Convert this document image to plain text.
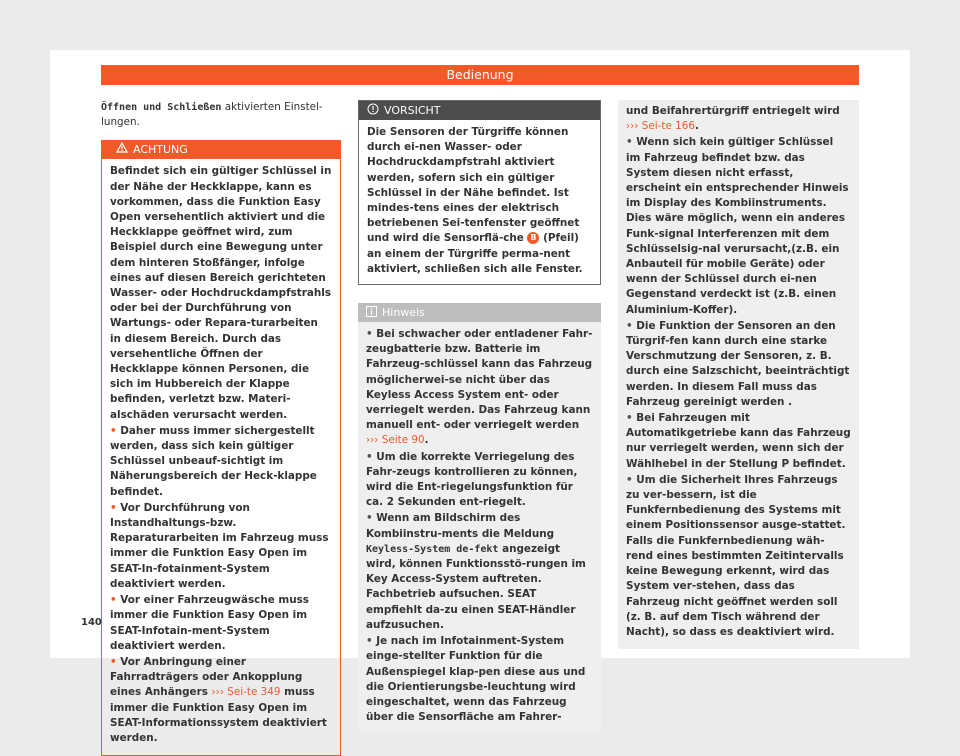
Bedienung

Öffnen und Schließen aktivierten Einstel-lungen.

ACHTUNG

Befindet sich ein gültiger Schlüssel in der Nähe der Heckklappe, kann es vorkommen, dass die Funktion Easy Open versehentlich aktiviert und die Heckklappe geöffnet wird, zum Beispiel durch eine Bewegung unter dem hinteren Stoßfänger, infolge eines auf diesen Bereich gerichteten Wasser- oder Hochdruckdampfstrahls oder bei der Durchführung von Wartungs- oder Repara-turarbeiten in diesem Bereich. Durch das versehentliche Öffnen der Heckklappe können Personen, die sich im Hubbereich der Klappe befinden, verletzt bzw. Materi-alschäden verursacht werden.

• Daher muss immer sichergestellt werden, dass sich kein gültiger Schlüssel unbeauf-sichtigt im Näherungsbereich der Heck-klappe befindet.

• Vor Durchführung von Instandhaltungs-bzw. Reparaturarbeiten im Fahrzeug muss immer die Funktion Easy Open im SEAT-In-fotainment-System deaktiviert werden.

• Vor einer Fahrzeugwäsche muss immer die Funktion Easy Open im SEAT-Infotain-ment-System deaktiviert werden.

• Vor Anbringung einer Fahrradträgers oder Ankopplung eines Anhängers ››› Sei-te 349 muss immer die Funktion Easy Open im SEAT-Informationssystem deaktiviert werden.

VORSICHT

Die Sensoren der Türgriffe können durch ei-nen Wasser- oder Hochdruckdampfstrahl aktiviert werden, sofern sich ein gültiger Schlüssel in der Nähe befindet. Ist mindes-tens eines der elektrisch betriebenen Sei-tenfenster geöffnet und wird die Sensorflä-che B (Pfeil) an einem der Türgriffe perma-nent aktiviert, schließen sich alle Fenster.

Hinweis

• Bei schwacher oder entladener Fahr-zeugbatterie bzw. Batterie im Fahrzeug-schlüssel kann das Fahrzeug möglicherwei-se nicht über das Keyless Access System ent- oder verriegelt werden. Das Fahrzeug kann manuell ent- oder verriegelt werden ››› Seite 90.

• Um die korrekte Verriegelung des Fahr-zeugs kontrollieren zu können, wird die Ent-riegelungsfunktion für ca. 2 Sekunden ent-riegelt.

• Wenn am Bildschirm des Kombiinstru-ments die Meldung Keyless-System de-fekt angezeigt wird, können Funktionsstö-rungen im Key Access-System auftreten. Fachbetrieb aufsuchen. SEAT empfiehlt da-zu einen SEAT-Händler aufzusuchen.

• Je nach im Infotainment-System einge-stellter Funktion für die Außenspiegel klap-pen diese aus und die Orientierungsbe-leuchtung wird eingeschaltet, wenn das Fahrzeug über die Sensorfläche am Fahrer-

und Beifahrertürgriff entriegelt wird ››› Sei-te 166.

• Wenn sich kein gültiger Schlüssel im Fahrzeug befindet bzw. das System diesen nicht erfasst, erscheint ein entsprechender Hinweis im Display des Kombiinstruments. Dies wäre möglich, wenn ein anderes Funk-signal Interferenzen mit dem Schlüsselsig-nal verursacht,(z.B. ein Anbauteil für mobile Geräte) oder wenn der Schlüssel durch ei-nen Gegenstand verdeckt ist (z.B. einen Aluminium-Koffer).

• Die Funktion der Sensoren an den Türgrif-fen kann durch eine starke Verschmutzung der Sensoren, z. B. durch eine Salzschicht, beeinträchtigt werden. In diesem Fall muss das Fahrzeug gereinigt werden .

• Bei Fahrzeugen mit Automatikgetriebe kann das Fahrzeug nur verriegelt werden, wenn sich der Wählhebel in der Stellung P befindet.

• Um die Sicherheit Ihres Fahrzeugs zu ver-bessern, ist die Funkfernbedienung des Systems mit einem Positionssensor ausge-stattet. Falls die Funkfernbedienung wäh-rend eines bestimmten Zeitintervalls keine Bewegung erkennt, wird das System ver-stehen, dass das Fahrzeug nicht geöffnet werden soll (z. B. auf dem Tisch während der Nacht), so dass es deaktiviert wird.

140
